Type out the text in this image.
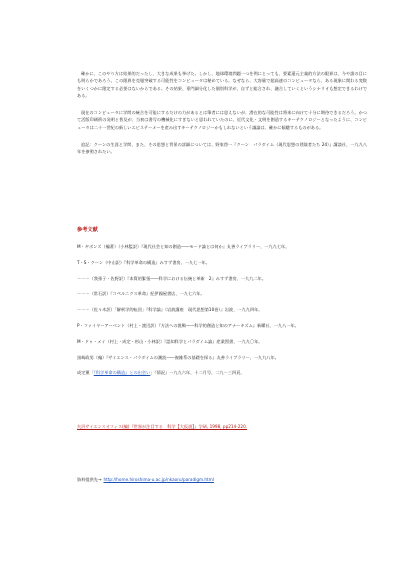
確かに、このやり方は結果的だったし、大きな成果も挙げた。しかし、地球環境問題一つを例にとっても、要素還元主義的方法の限界は、今や誰の目にも明らかであろう。この限界を克服突破する可能性をコンピュータは秘めている。なぜなら、大容量で超高速のコンピュータなら、ある現象に関わる変数をいくつかに限定する必要はないからである。その結果、専門細分化した個別科学が、自ずと総合され、融合していくというシナリオも想定できるわけである。

現在のコンピュータに学問の統合を可能にするだけの力があるとは筆者には思えないが、潜在的な可能性は将来に向けて十分に期待できるだろう。かつて活版印刷術の発明と普及が、当初は書写の機械化にすぎないと思われていたのに、近代文化・文明を創造するキーテクノロジーとなったように、コンピュータは二十一世紀の新しいエピステーメーを産み出すキーテクノロジーかもしれないという議論は、確かに傾聴するものがある。

追記：クーンの生涯と学問、また、その思想と背景の詳細については、野家啓一『クーン　パラダイム（現代思想の冒険者たち 24）』講談社、一九九八年を参照されたい。

参考文献

M・ギボンズ（編著）（小林監訳）『現代社会と知の創造――モード論とは何か』丸善ライブラリー、一九九七年。
T・S・クーン（中山訳）『科学革命の構造』みすず書房、一九七一年。
－－－（我孫子・佐野訳）『本質的緊張――科学における伝統と革新　2』みすず書房、一九九二年。
－－－（常石訳）『コペルニクス革命』紀伊國屋書店、一九七六年。
－－－（佐々木訳）「解釈学的転回」『科学論』（岩波講座　現代思想第10巻）』岩波、一九九四年。
P・ファイヤーアーベント（村上・渡辺訳）『方法への挑戦――科学的創造と知のアナーキズム』新曜社、一九八一年。
M・ドゥ・メイ（村上・成定・杉山・小林訳）『認知科学とパラダイム論』産業図書、一九九〇年。
黒崎政男（編）『サイエンス・パラダイムの潮流――複雑系の基礎を探る』丸善ライブラリー、一九九八年。
成定薫「『科学革命の構造』との出会い」『情況』一九九六年、十二月号、二九－三四頁。

矢沢サイエンスオフィス(編)『世界が注目する　科学【大仮説】』学研, 1998, pp214-220.

資料提供先→ http://home.hiroshima-u.ac.jp/nkaoru/paradigm.html
